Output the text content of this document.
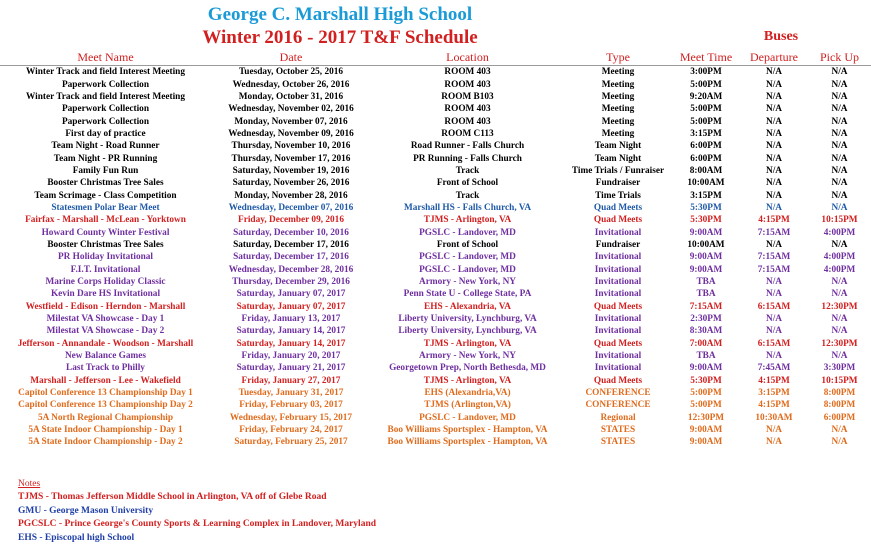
George C. Marshall High School
Winter 2016 - 2017 T&F Schedule	Buses
Meet Name	Date	Location	Type	Meet Time	Departure	Pick Up
Winter Track and field Interest Meeting	Tuesday, October 25, 2016	ROOM 403	Meeting	3:00PM	N/A	N/A
Paperwork Collection	Wednesday, October 26, 2016	ROOM 403	Meeting	5:00PM	N/A	N/A
Winter Track and field Interest Meeting	Monday, October 31, 2016	ROOM B103	Meeting	9:20AM	N/A	N/A
Paperwork Collection	Wednesday, November 02, 2016	ROOM 403	Meeting	5:00PM	N/A	N/A
Paperwork Collection	Monday, November 07, 2016	ROOM 403	Meeting	5:00PM	N/A	N/A
First day of practice	Wednesday, November 09, 2016	ROOM C113	Meeting	3:15PM	N/A	N/A
Team Night - Road Runner	Thursday, November 10, 2016	Road Runner - Falls Church	Team Night	6:00PM	N/A	N/A
Team Night - PR Running	Thursday, November 17, 2016	PR Running - Falls Church	Team Night	6:00PM	N/A	N/A
Family Fun Run	Saturday, November 19, 2016	Track	Time Trials / Funraiser	8:00AM	N/A	N/A
Booster Christmas Tree Sales	Saturday, November 26, 2016	Front of School	Fundraiser	10:00AM	N/A	N/A
Team Scrimage - Class Competition	Monday, November 28, 2016	Track	Time Trials	3:15PM	N/A	N/A
Statesmen Polar Bear Meet	Wednesday, December 07, 2016	Marshall HS - Falls Church, VA	Quad Meets	5:30PM	N/A	N/A
Fairfax - Marshall - McLean - Yorktown	Friday, December 09, 2016	TJMS - Arlington, VA	Quad Meets	5:30PM	4:15PM	10:15PM
Howard County Winter Festival	Saturday, December 10, 2016	PGSLC - Landover, MD	Invitational	9:00AM	7:15AM	4:00PM
Booster Christmas Tree Sales	Saturday, December 17, 2016	Front of School	Fundraiser	10:00AM	N/A	N/A
PR Holiday Invitational	Saturday, December 17, 2016	PGSLC - Landover, MD	Invitational	9:00AM	7:15AM	4:00PM
F.I.T. Invitational	Wednesday, December 28, 2016	PGSLC - Landover, MD	Invitational	9:00AM	7:15AM	4:00PM
Marine Corps Holiday Classic	Thursday, December 29, 2016	Armory - New York, NY	Invitational	TBA	N/A	N/A
Kevin Dare HS Invitational	Saturday, January 07, 2017	Penn State U - College State, PA	Invitational	TBA	N/A	N/A
Westfield - Edison - Herndon - Marshall	Saturday, January 07, 2017	EHS - Alexandria, VA	Quad Meets	7:15AM	6:15AM	12:30PM
Milestat VA Showcase - Day 1	Friday, January 13, 2017	Liberty University, Lynchburg, VA	Invitational	2:30PM	N/A	N/A
Milestat VA Showcase - Day 2	Saturday, January 14, 2017	Liberty University, Lynchburg, VA	Invitational	8:30AM	N/A	N/A
Jefferson - Annandale - Woodson - Marshall	Saturday, January 14, 2017	TJMS - Arlington, VA	Quad Meets	7:00AM	6:15AM	12:30PM
New Balance Games	Friday, January 20, 2017	Armory - New York, NY	Invitational	TBA	N/A	N/A
Last Track to Philly	Saturday, January 21, 2017	Georgetown Prep, North Bethesda, MD	Invitational	9:00AM	7:45AM	3:30PM
Marshall - Jefferson - Lee - Wakefield	Friday, January 27, 2017	TJMS - Arlington, VA	Quad Meets	5:30PM	4:15PM	10:15PM
Capitol Conference 13 Championship Day 1	Tuesday, January 31, 2017	EHS (Alexandria,VA)	CONFERENCE	5:00PM	3:15PM	8:00PM
Capitol Conference 13 Championship Day 2	Friday, February 03, 2017	TJMS (Arlington,VA)	CONFERENCE	5:00PM	4:15PM	8:00PM
5A North Regional Championship	Wednesday, February 15, 2017	PGSLC - Landover, MD	Regional	12:30PM	10:30AM	6:00PM
5A State Indoor Championship - Day 1	Friday, February 24, 2017	Boo Williams Sportsplex - Hampton, VA	STATES	9:00AM	N/A	N/A
5A State Indoor Championship - Day 2	Saturday, February 25, 2017	Boo Williams Sportsplex - Hampton, VA	STATES	9:00AM	N/A	N/A
Notes
TJMS - Thomas Jefferson Middle School in Arlington, VA off of Glebe Road
GMU - George Mason University
PGCSLC - Prince George's County Sports & Learning Complex in Landover, Maryland
EHS - Episcopal high School
